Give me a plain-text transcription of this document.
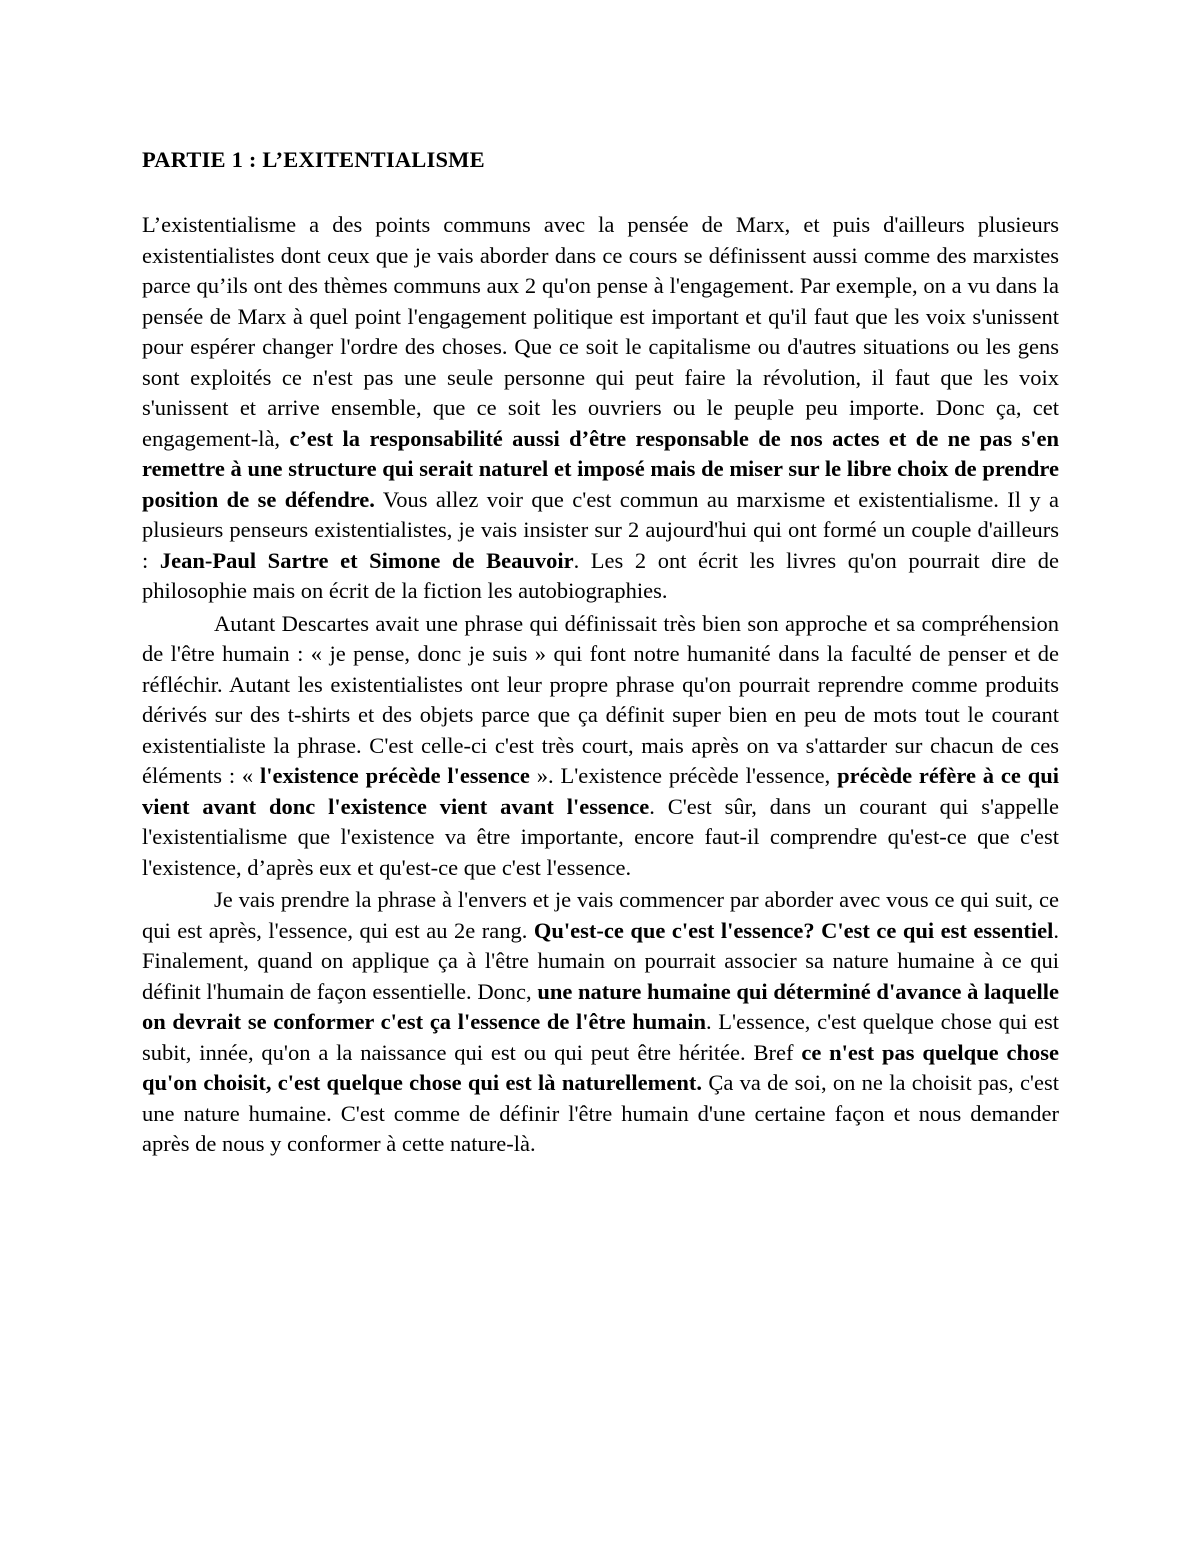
PARTIE 1 : L’EXITENTIALISME

L’existentialisme a des points communs avec la pensée de Marx, et puis d'ailleurs plusieurs existentialistes dont ceux que je vais aborder dans ce cours se définissent aussi comme des marxistes parce qu’ils ont des thèmes communs aux 2 qu'on pense à l'engagement. Par exemple, on a vu dans la pensée de Marx à quel point l'engagement politique est important et qu'il faut que les voix s'unissent pour espérer changer l'ordre des choses. Que ce soit le capitalisme ou d'autres situations ou les gens sont exploités ce n'est pas une seule personne qui peut faire la révolution, il faut que les voix s'unissent et arrive ensemble, que ce soit les ouvriers ou le peuple peu importe. Donc ça, cet engagement-là, c’est la responsabilité aussi d’être responsable de nos actes et de ne pas s'en remettre à une structure qui serait naturel et imposé mais de miser sur le libre choix de prendre position de se défendre. Vous allez voir que c'est commun au marxisme et existentialisme. Il y a plusieurs penseurs existentialistes, je vais insister sur 2 aujourd'hui qui ont formé un couple d'ailleurs : Jean-Paul Sartre et Simone de Beauvoir. Les 2 ont écrit les livres qu'on pourrait dire de philosophie mais on écrit de la fiction les autobiographies.

Autant Descartes avait une phrase qui définissait très bien son approche et sa compréhension de l'être humain : « je pense, donc je suis » qui font notre humanité dans la faculté de penser et de réfléchir. Autant les existentialistes ont leur propre phrase qu'on pourrait reprendre comme produits dérivés sur des t-shirts et des objets parce que ça définit super bien en peu de mots tout le courant existentialiste la phrase. C'est celle-ci c'est très court, mais après on va s'attarder sur chacun de ces éléments : « l'existence précède l'essence ». L'existence précède l'essence, précède réfère à ce qui vient avant donc l'existence vient avant l'essence. C'est sûr, dans un courant qui s'appelle l'existentialisme que l'existence va être importante, encore faut-il comprendre qu'est-ce que c'est l'existence, d’après eux et qu'est-ce que c'est l'essence.

Je vais prendre la phrase à l'envers et je vais commencer par aborder avec vous ce qui suit, ce qui est après, l'essence, qui est au 2e rang. Qu'est-ce que c'est l'essence? C'est ce qui est essentiel. Finalement, quand on applique ça à l'être humain on pourrait associer sa nature humaine à ce qui définit l'humain de façon essentielle. Donc, une nature humaine qui déterminé d'avance à laquelle on devrait se conformer c'est ça l'essence de l'être humain. L'essence, c'est quelque chose qui est subit, innée, qu'on a la naissance qui est ou qui peut être héritée. Bref ce n'est pas quelque chose qu'on choisit, c'est quelque chose qui est là naturellement. Ça va de soi, on ne la choisit pas, c'est une nature humaine. C'est comme de définir l'être humain d'une certaine façon et nous demander après de nous y conformer à cette nature-là.
